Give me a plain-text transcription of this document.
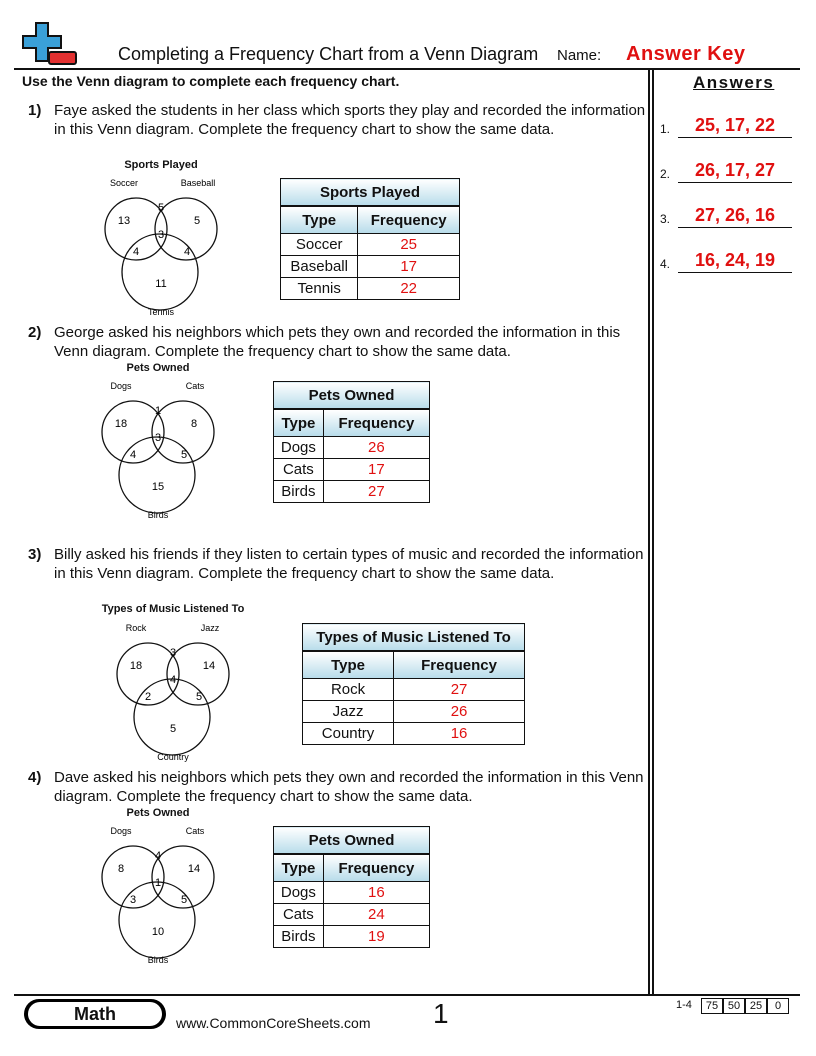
Completing a Frequency Chart from a Venn Diagram Name: Answer Key
Use the Venn diagram to complete each frequency chart.	Answers
1.	25, 17, 22
2.	26, 17, 27
3.	27, 26, 16
4.	16, 24, 19
1) Faye asked the students in her class which sports they play and recorded the information in this Venn diagram. Complete the frequency chart to show the same data.
Sports Played
Soccer	Baseball
Tennis
13
5
5
3
4	4
11
Sports Played	
Type	Frequency
Soccer	25
Baseball	17
Tennis	22
2) George asked his neighbors which pets they own and recorded the information in this Venn diagram. Complete the frequency chart to show the same data.
Pets Owned
Dogs	Cats
Birds
18
1
8
3
4	5
15
Pets Owned	
Type	Frequency
Dogs	26
Cats	17
Birds	27
3) Billy asked his friends if they listen to certain types of music and recorded the information in this Venn diagram. Complete the frequency chart to show the same data.
Types of Music Listened To
Rock	Jazz
Country
18
3
14
4
2	5
5
Types of Music Listened To	
Type	Frequency
Rock	27
Jazz	26
Country	16
4) Dave asked his neighbors which pets they own and recorded the information in this Venn diagram. Complete the frequency chart to show the same data.
Pets Owned
Dogs	Cats
Birds
8
4
14
1
3	5
10
Pets Owned	
Type	Frequency
Dogs	16
Cats	24
Birds	19
Math	www.CommonCoreSheets.com 1	1-4	75 50 25	0
